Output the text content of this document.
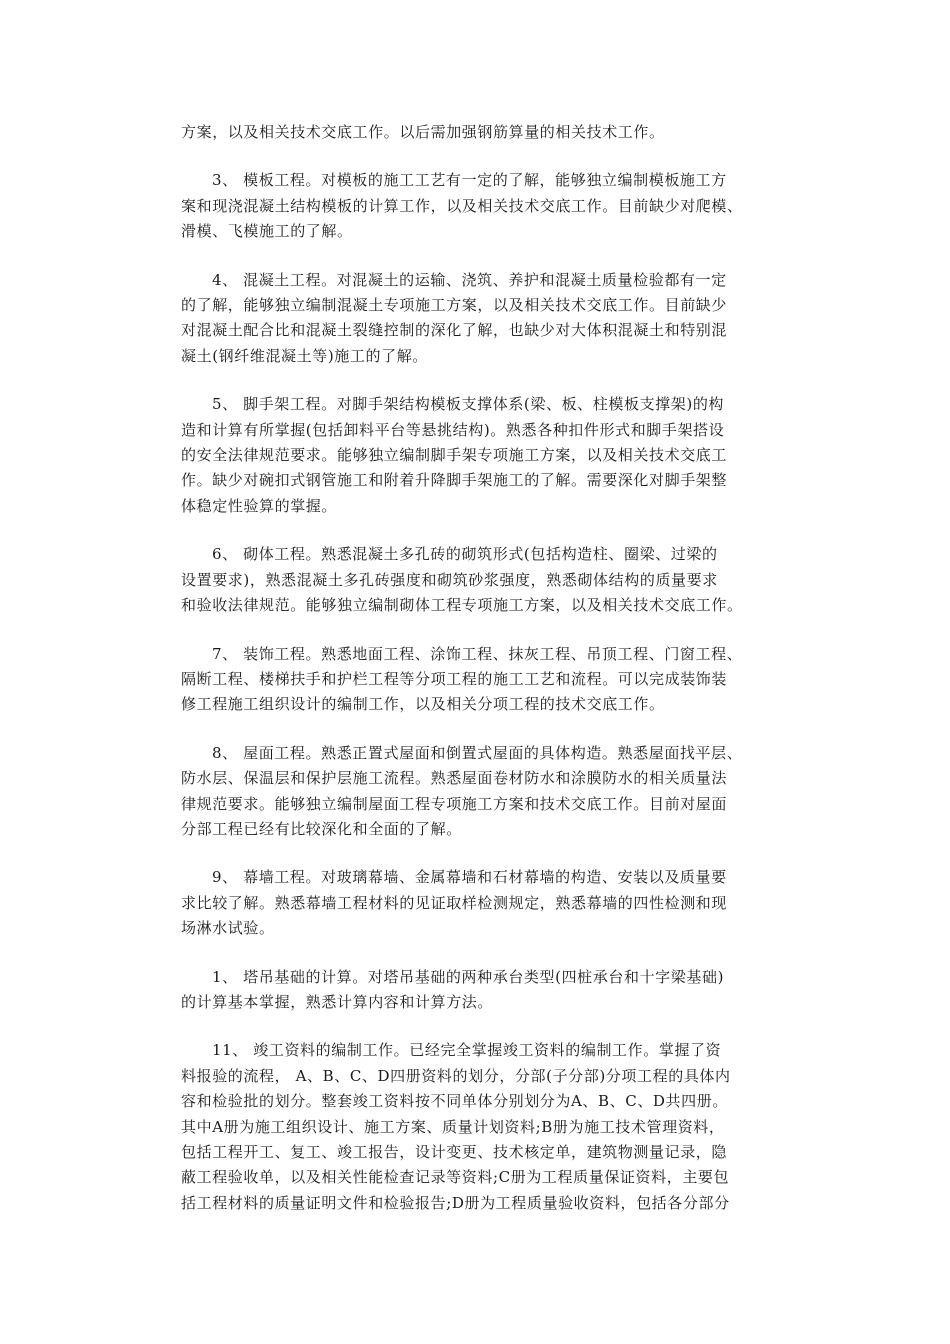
方案，以及相关技术交底工作。以后需加强钢筋算量的相关技术工作。

3、 模板工程。对模板的施工工艺有一定的了解，能够独立编制模板施工方
案和现浇混凝土结构模板的计算工作，以及相关技术交底工作。目前缺少对爬模、
滑模、飞模施工的了解。

4、 混凝土工程。对混凝土的运输、浇筑、养护和混凝土质量检验都有一定
的了解，能够独立编制混凝土专项施工方案，以及相关技术交底工作。目前缺少
对混凝土配合比和混凝土裂缝控制的深化了解，也缺少对大体积混凝土和特别混
凝土(钢纤维混凝土等)施工的了解。

5、 脚手架工程。对脚手架结构模板支撑体系(梁、板、柱模板支撑架)的构
造和计算有所掌握(包括卸料平台等悬挑结构)。熟悉各种扣件形式和脚手架搭设
的安全法律规范要求。能够独立编制脚手架专项施工方案，以及相关技术交底工
作。缺少对碗扣式钢管施工和附着升降脚手架施工的了解。需要深化对脚手架整
体稳定性验算的掌握。

6、 砌体工程。熟悉混凝土多孔砖的砌筑形式(包括构造柱、圈梁、过梁的
设置要求)，熟悉混凝土多孔砖强度和砌筑砂浆强度，熟悉砌体结构的质量要求
和验收法律规范。能够独立编制砌体工程专项施工方案，以及相关技术交底工作。

7、 装饰工程。熟悉地面工程、涂饰工程、抹灰工程、吊顶工程、门窗工程、
隔断工程、楼梯扶手和护栏工程等分项工程的施工工艺和流程。可以完成装饰装
修工程施工组织设计的编制工作，以及相关分项工程的技术交底工作。

8、 屋面工程。熟悉正置式屋面和倒置式屋面的具体构造。熟悉屋面找平层、
防水层、保温层和保护层施工流程。熟悉屋面卷材防水和涂膜防水的相关质量法
律规范要求。能够独立编制屋面工程专项施工方案和技术交底工作。目前对屋面
分部工程已经有比较深化和全面的了解。

9、 幕墙工程。对玻璃幕墙、金属幕墙和石材幕墙的构造、安装以及质量要
求比较了解。熟悉幕墙工程材料的见证取样检测规定，熟悉幕墙的四性检测和现
场淋水试验。

1、 塔吊基础的计算。对塔吊基础的两种承台类型(四桩承台和十字梁基础)
的计算基本掌握，熟悉计算内容和计算方法。

11、 竣工资料的编制工作。已经完全掌握竣工资料的编制工作。掌握了资
料报验的流程， A、B、C、D四册资料的划分，分部(子分部)分项工程的具体内
容和检验批的划分。整套竣工资料按不同单体分别划分为A、B、C、D共四册。
其中A册为施工组织设计、施工方案、质量计划资料;B册为施工技术管理资料，
包括工程开工、复工、竣工报告，设计变更、技术核定单，建筑物测量记录，隐
蔽工程验收单，以及相关性能检查记录等资料;C册为工程质量保证资料，主要包
括工程材料的质量证明文件和检验报告;D册为工程质量验收资料，包括各分部分
